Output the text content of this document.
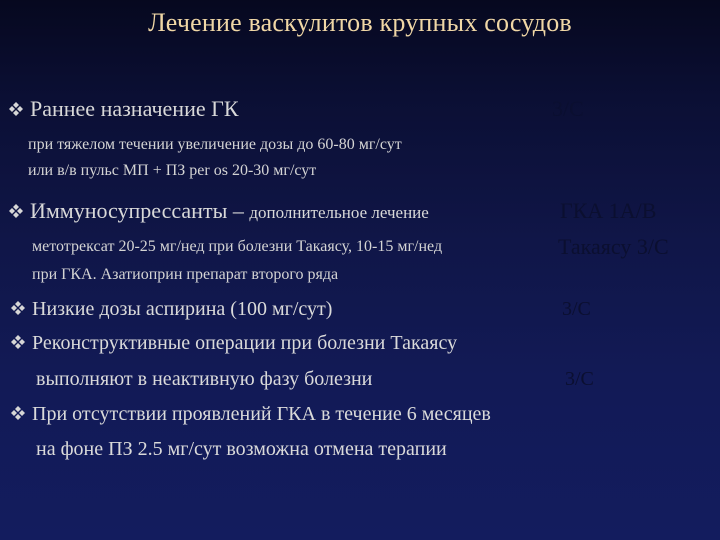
Лечение васкулитов крупных сосудов
Раннее назначение ГК	3/C
при тяжелом течении увеличение дозы до 60-80 мг/сут
или в/в пульс МП + ПЗ per os 20-30 мг/сут
Иммуносупрессанты – дополнительное лечение	ГКА 1А/В
метотрексат 20-25 мг/нед при болезни Такаясу, 10-15 мг/нед	Такаясу 3/С
при ГКА. Азатиоприн препарат второго ряда
Низкие дозы аспирина (100 мг/сут)	3/C
Реконструктивные операции при болезни Такаясу
выполняют в неактивную фазу болезни	3/C
При отсутствии проявлений ГКА в течение 6 месяцев
на фоне ПЗ 2.5 мг/сут возможна отмена терапии
